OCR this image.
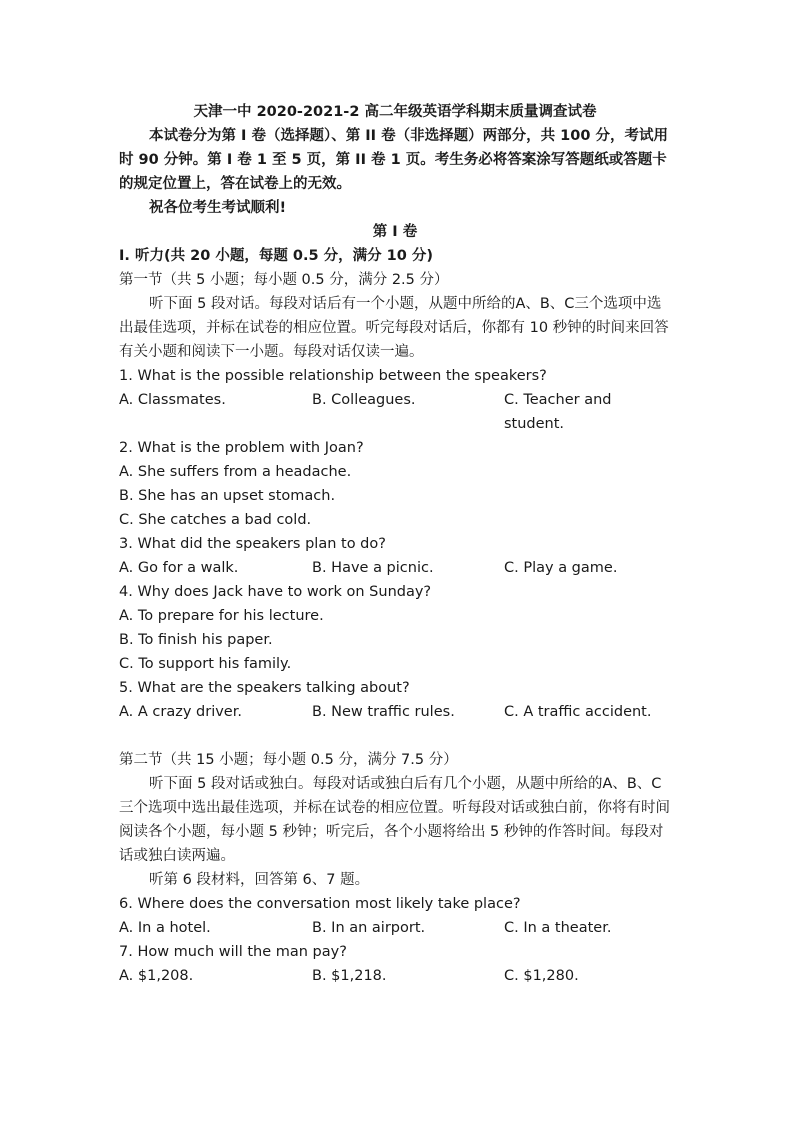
天津一中 2020-2021-2 高二年级英语学科期末质量调查试卷
本试卷分为第 I 卷（选择题）、第 II 卷（非选择题）两部分，共 100 分，考试用时 90 分钟。第 I 卷 1 至 5 页，第 II 卷 1 页。考生务必将答案涂写答题纸或答题卡的规定位置上，答在试卷上的无效。
祝各位考生考试顺利!
第 I 卷
I. 听力(共 20 小题，每题 0.5 分，满分 10 分)
第一节（共 5 小题；每小题 0.5 分，满分 2.5 分）
听下面 5 段对话。每段对话后有一个小题，从题中所给的A、B、C三个选项中选出最佳选项，并标在试卷的相应位置。听完每段对话后，你都有 10 秒钟的时间来回答有关小题和阅读下一小题。每段对话仅读一遍。
1. What is the possible relationship between the speakers?
A. Classmates.	B. Colleagues.	C. Teacher and student.
2. What is the problem with Joan?
A. She suffers from a headache.
B. She has an upset stomach.
C. She catches a bad cold.
3. What did the speakers plan to do?
A. Go for a walk.	B. Have a picnic.	C. Play a game.
4. Why does Jack have to work on Sunday?
A. To prepare for his lecture.
B. To finish his paper.
C. To support his family.
5. What are the speakers talking about?
A. A crazy driver.	B. New traffic rules.	C. A traffic accident.
第二节（共 15 小题；每小题 0.5 分，满分 7.5 分）
听下面 5 段对话或独白。每段对话或独白后有几个小题，从题中所给的A、B、C三个选项中选出最佳选项，并标在试卷的相应位置。听每段对话或独白前，你将有时间阅读各个小题，每小题 5 秒钟；听完后，各个小题将给出 5 秒钟的作答时间。每段对话或独白读两遍。
听第 6 段材料，回答第 6、7 题。
6. Where does the conversation most likely take place?
A. In a hotel.	B. In an airport.	C. In a theater.
7. How much will the man pay?
A. $1,208.	B. $1,218.	C. $1,280.
